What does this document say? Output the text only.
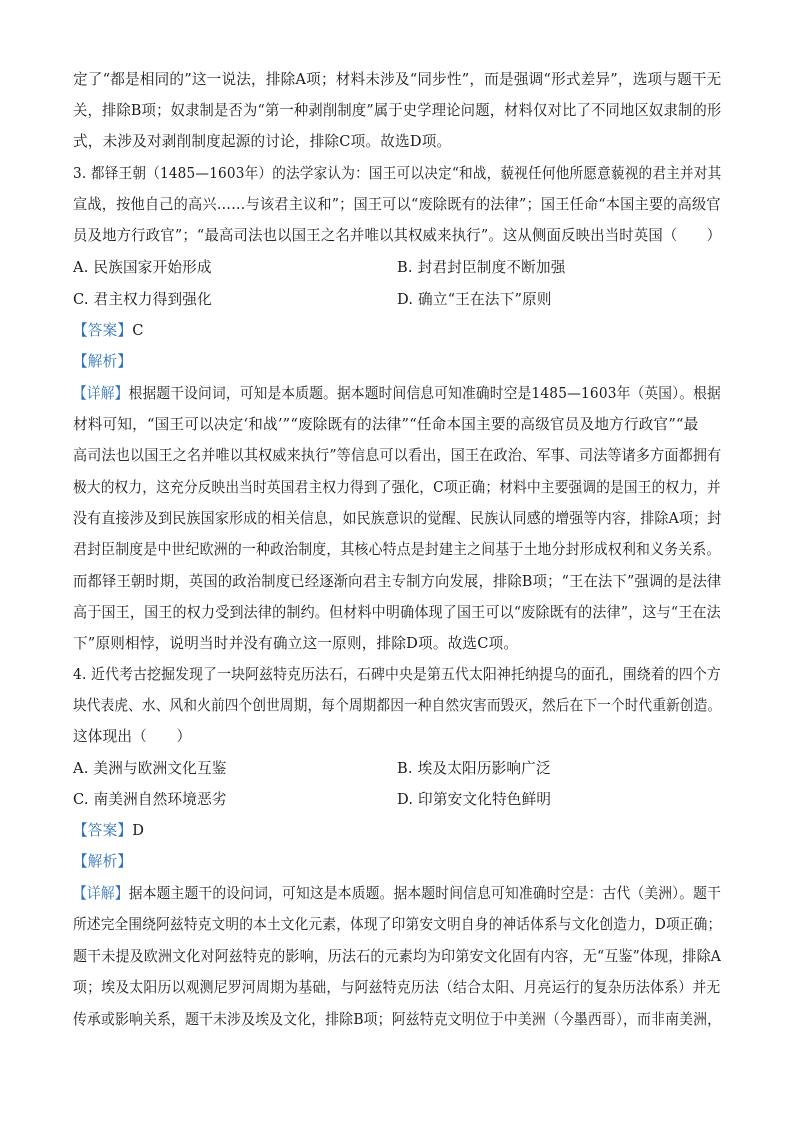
定了“都是相同的”这一说法，排除A项；材料未涉及“同步性”，而是强调“形式差异”，选项与题干无
关，排除B项；奴隶制是否为“第一种剥削制度”属于史学理论问题，材料仅对比了不同地区奴隶制的形
式，未涉及对剥削制度起源的讨论，排除C项。故选D项。
3. 都铎王朝（1485—1603年）的法学家认为：国王可以决定“和战，藐视任何他所愿意藐视的君主并对其
宣战，按他自己的高兴……与该君主议和”；国王可以“废除既有的法律”；国王任命“本国主要的高级官
员及地方行政官”；“最高司法也以国王之名并唯以其权威来执行”。这从侧面反映出当时英国（　　）
A. 民族国家开始形成	B. 封君封臣制度不断加强
C. 君主权力得到强化	D. 确立“王在法下”原则
【答案】C
【解析】
【详解】根据题干设问词，可知是本质题。据本题时间信息可知准确时空是1485—1603年（英国）。根据
材料可知，“国王可以决定‘和战’”“废除既有的法律”“任命本国主要的高级官员及地方行政官”“最
高司法也以国王之名并唯以其权威来执行”等信息可以看出，国王在政治、军事、司法等诸多方面都拥有
极大的权力，这充分反映出当时英国君主权力得到了强化，C项正确；材料中主要强调的是国王的权力，并
没有直接涉及到民族国家形成的相关信息，如民族意识的觉醒、民族认同感的增强等内容，排除A项；封
君封臣制度是中世纪欧洲的一种政治制度，其核心特点是封建主之间基于土地分封形成权利和义务关系。
而都铎王朝时期，英国的政治制度已经逐渐向君主专制方向发展，排除B项；“王在法下”强调的是法律
高于国王，国王的权力受到法律的制约。但材料中明确体现了国王可以“废除既有的法律”，这与“王在法
下”原则相悖，说明当时并没有确立这一原则，排除D项。故选C项。
4. 近代考古挖掘发现了一块阿兹特克历法石，石碑中央是第五代太阳神托纳提乌的面孔，围绕着的四个方
块代表虎、水、风和火前四个创世周期，每个周期都因一种自然灾害而毁灭，然后在下一个时代重新创造。
这体现出（　　）
A. 美洲与欧洲文化互鉴	B. 埃及太阳历影响广泛
C. 南美洲自然环境恶劣	D. 印第安文化特色鲜明
【答案】D
【解析】
【详解】据本题主题干的设问词，可知这是本质题。据本题时间信息可知准确时空是：古代（美洲）。题干
所述完全围绕阿兹特克文明的本土文化元素，体现了印第安文明自身的神话体系与文化创造力，D项正确；
题干未提及欧洲文化对阿兹特克的影响，历法石的元素均为印第安文化固有内容，无“互鉴”体现，排除A
项；埃及太阳历以观测尼罗河周期为基础，与阿兹特克历法（结合太阳、月亮运行的复杂历法体系）并无
传承或影响关系，题干未涉及埃及文化，排除B项；阿兹特克文明位于中美洲（今墨西哥），而非南美洲，
